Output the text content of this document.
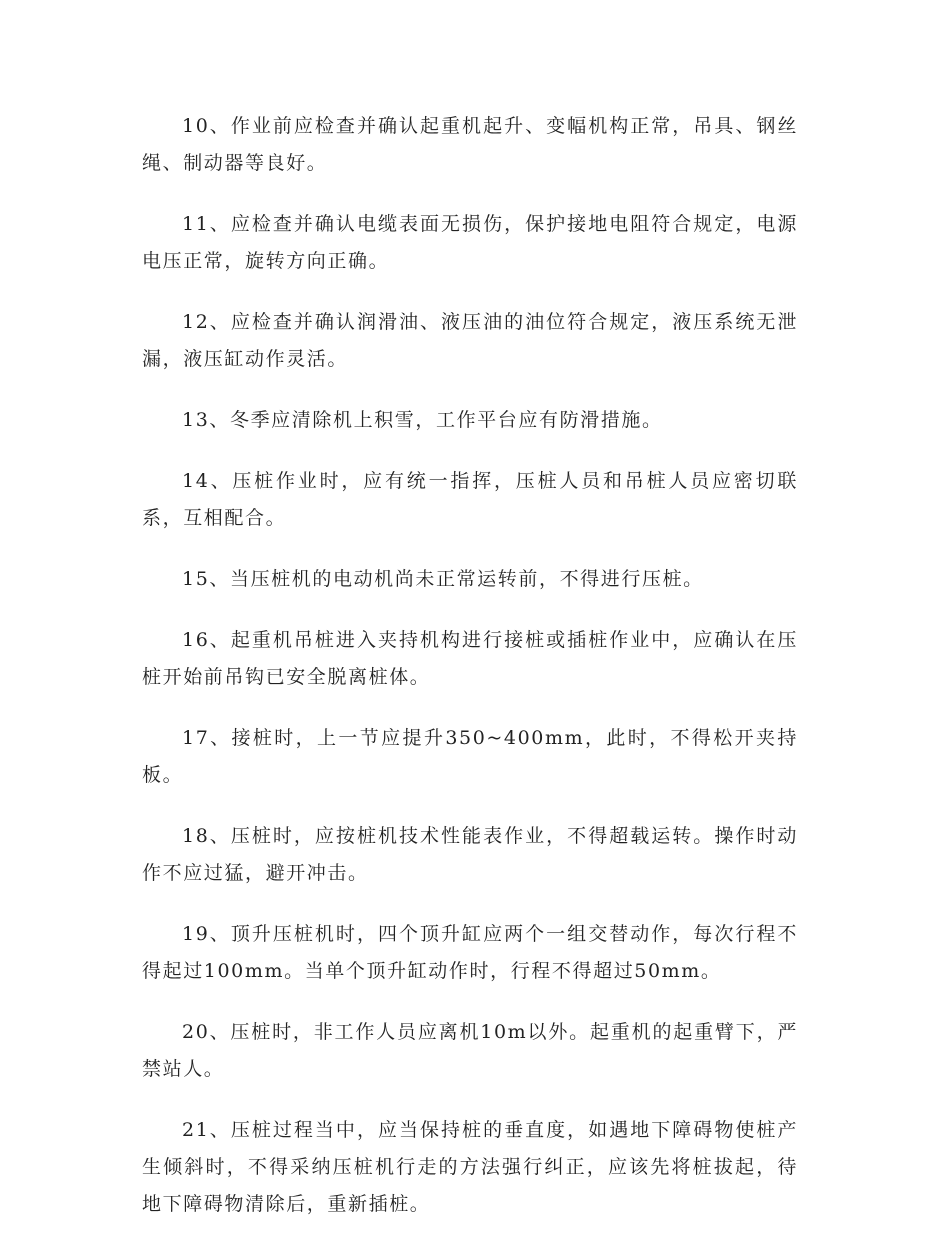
10、作业前应检查并确认起重机起升、变幅机构正常，吊具、钢丝绳、制动器等良好。

11、应检查并确认电缆表面无损伤，保护接地电阻符合规定，电源电压正常，旋转方向正确。

12、应检查并确认润滑油、液压油的油位符合规定，液压系统无泄漏，液压缸动作灵活。

13、冬季应清除机上积雪，工作平台应有防滑措施。

14、压桩作业时，应有统一指挥，压桩人员和吊桩人员应密切联系，互相配合。

15、当压桩机的电动机尚未正常运转前，不得进行压桩。

16、起重机吊桩进入夹持机构进行接桩或插桩作业中，应确认在压桩开始前吊钩已安全脱离桩体。

17、接桩时，上一节应提升350~400mm，此时，不得松开夹持板。

18、压桩时，应按桩机技术性能表作业，不得超载运转。操作时动作不应过猛，避开冲击。

19、顶升压桩机时，四个顶升缸应两个一组交替动作，每次行程不得起过100mm。当单个顶升缸动作时，行程不得超过50mm。

20、压桩时，非工作人员应离机10m以外。起重机的起重臂下，严禁站人。

21、压桩过程当中，应当保持桩的垂直度，如遇地下障碍物使桩产生倾斜时，不得采纳压桩机行走的方法强行纠正，应该先将桩拔起，待地下障碍物清除后，重新插桩。
